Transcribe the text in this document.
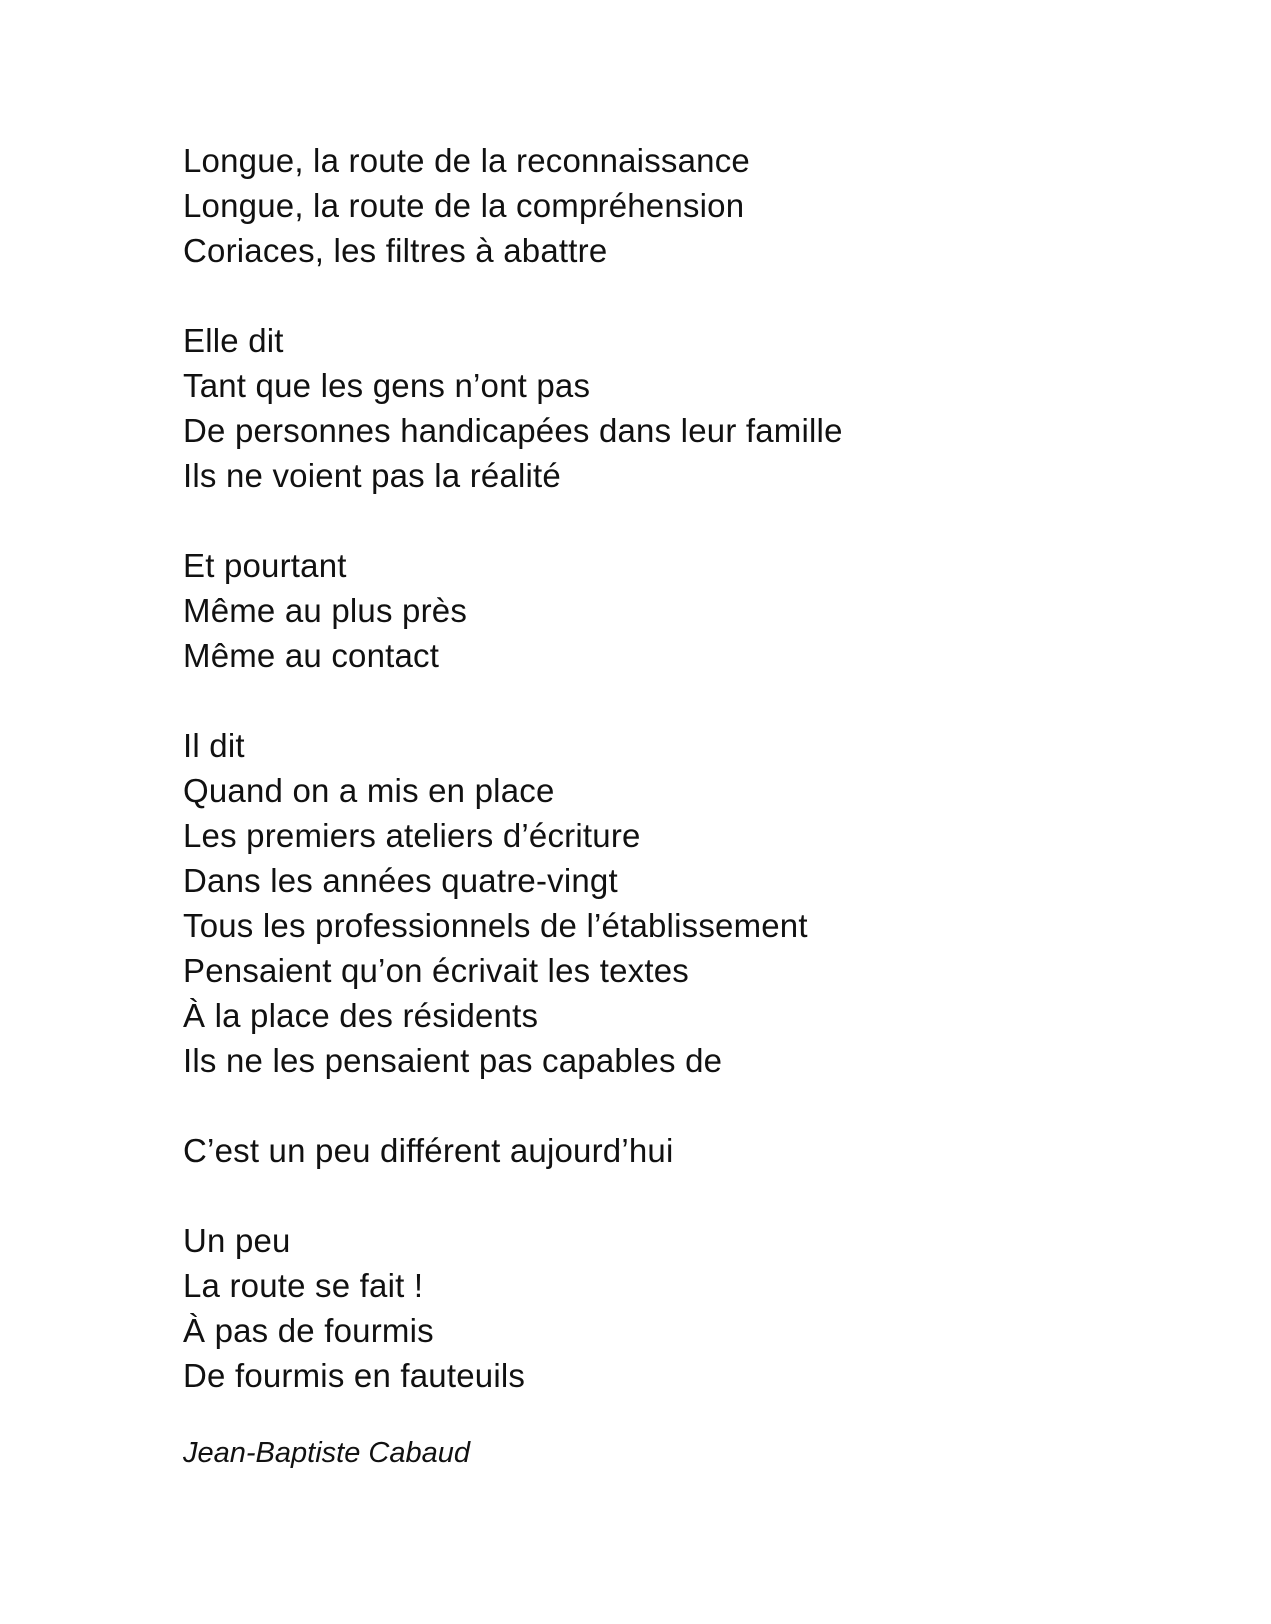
Longue, la route de la reconnaissance
Longue, la route de la compréhension
Coriaces, les filtres à abattre
Elle dit
Tant que les gens n’ont pas
De personnes handicapées dans leur famille
Ils ne voient pas la réalité
Et pourtant
Même au plus près
Même au contact
Il dit
Quand on a mis en place
Les premiers ateliers d’écriture
Dans les années quatre-vingt
Tous les professionnels de l’établissement
Pensaient qu’on écrivait les textes
À la place des résidents
Ils ne les pensaient pas capables de
C’est un peu différent aujourd’hui
Un peu
La route se fait !
À pas de fourmis
De fourmis en fauteuils
Jean-Baptiste Cabaud
